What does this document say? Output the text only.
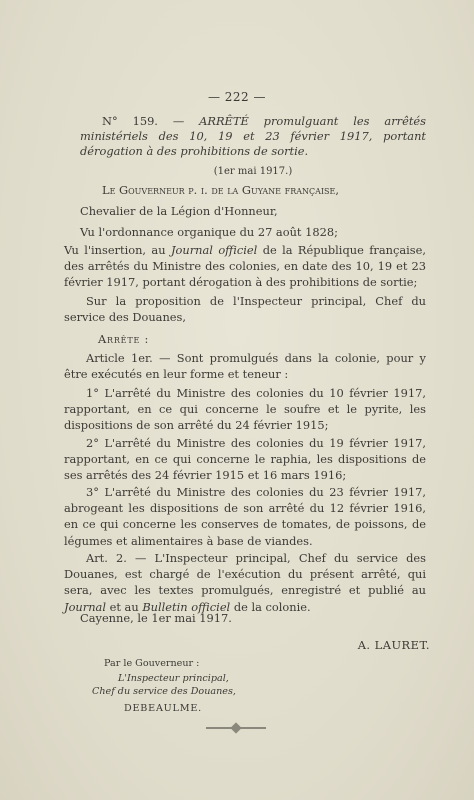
— 222 —

N° 159. — ARRÊTÉ promulguant les arrêtés ministériels des 10, 19 et 23 février 1917, portant dérogation à des prohibitions de sortie.

(1er mai 1917.)

Le Gouverneur p. i. de la Guyane française,

Chevalier de la Légion d'Honneur,

Vu l'ordonnance organique du 27 août 1828;

Vu l'insertion, au Journal officiel de la République française, des arrêtés du Ministre des colonies, en date des 10, 19 et 23 février 1917, portant dérogation à des prohibitions de sortie;

Sur la proposition de l'Inspecteur principal, Chef du service des Douanes,

Arrête :

Article 1er. — Sont promulgués dans la colonie, pour y être exécutés en leur forme et teneur :

1° L'arrêté du Ministre des colonies du 10 février 1917, rapportant, en ce qui concerne le soufre et le pyrite, les dispositions de son arrêté du 24 février 1915;

2° L'arrêté du Ministre des colonies du 19 février 1917, rapportant, en ce qui concerne le raphia, les dispositions de ses arrêtés des 24 février 1915 et 16 mars 1916;

3° L'arrêté du Ministre des colonies du 23 février 1917, abrogeant les dispositions de son arrêté du 12 février 1916, en ce qui concerne les conserves de tomates, de poissons, de légumes et alimentaires à base de viandes.

Art. 2. — L'Inspecteur principal, Chef du service des Douanes, est chargé de l'exécution du présent arrêté, qui sera, avec les textes promulgués, enregistré et publié au Journal et au Bulletin officiel de la colonie.

Cayenne, le 1er mai 1917.

A. LAURET.
Par le Gouverneur :
L'Inspecteur principal,
Chef du service des Douanes,
DEBEAULME.
